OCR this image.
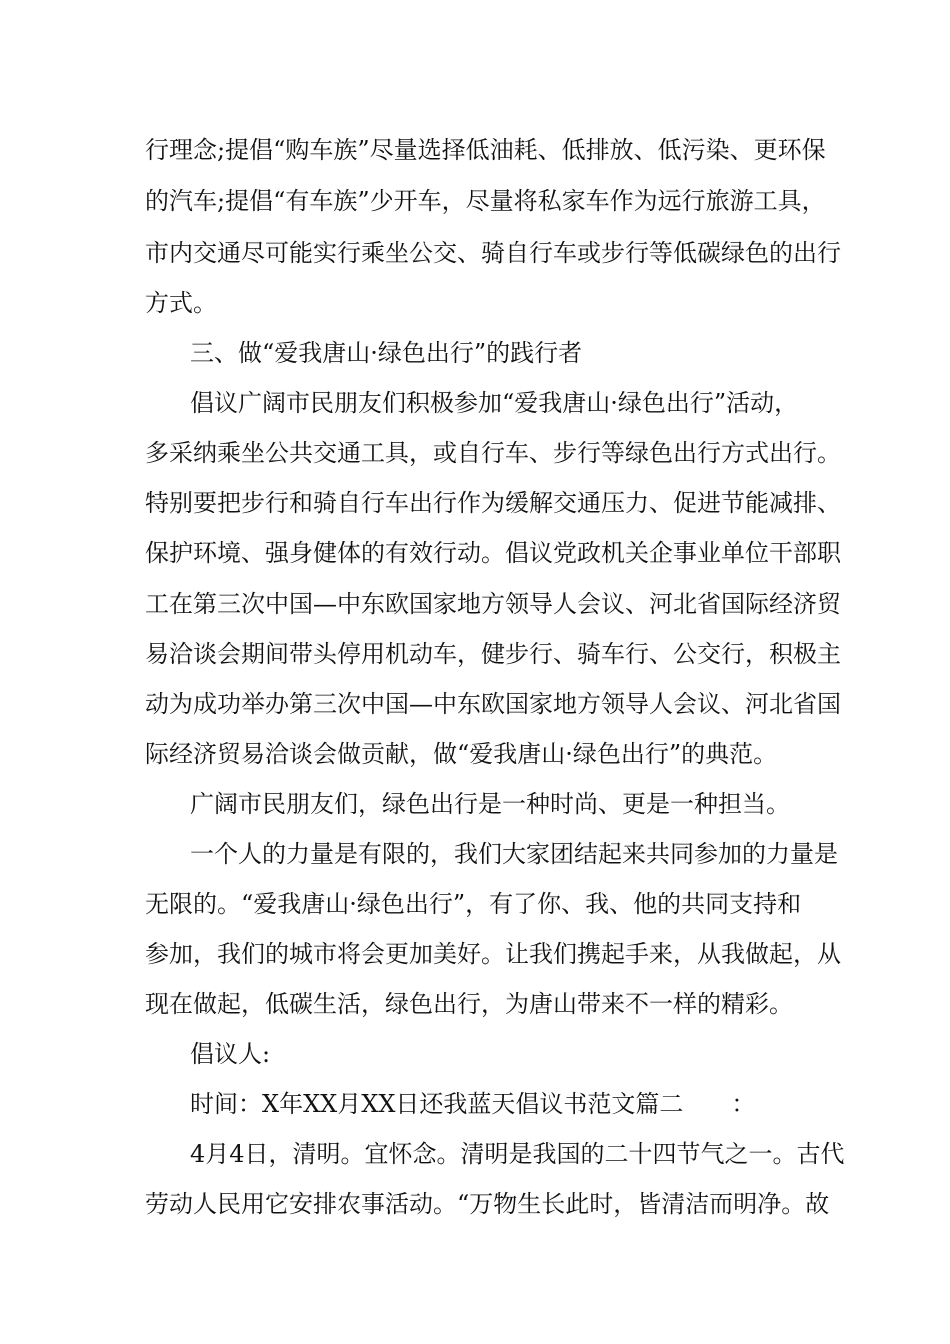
行理念;提倡“购车族”尽量选择低油耗、低排放、低污染、更环保
的汽车;提倡“有车族”少开车，尽量将私家车作为远行旅游工具，
市内交通尽可能实行乘坐公交、骑自行车或步行等低碳绿色的出行
方式。
三、做“爱我唐山·绿色出行”的践行者
倡议广阔市民朋友们积极参加“爱我唐山·绿色出行”活动，
多采纳乘坐公共交通工具，或自行车、步行等绿色出行方式出行。
特别要把步行和骑自行车出行作为缓解交通压力、促进节能减排、
保护环境、强身健体的有效行动。倡议党政机关企事业单位干部职
工在第三次中国—中东欧国家地方领导人会议、河北省国际经济贸
易洽谈会期间带头停用机动车，健步行、骑车行、公交行，积极主
动为成功举办第三次中国—中东欧国家地方领导人会议、河北省国
际经济贸易洽谈会做贡献，做“爱我唐山·绿色出行”的典范。
广阔市民朋友们，绿色出行是一种时尚、更是一种担当。
一个人的力量是有限的，我们大家团结起来共同参加的力量是
无限的。“爱我唐山·绿色出行”，有了你、我、他的共同支持和
参加，我们的城市将会更加美好。让我们携起手来，从我做起，从
现在做起，低碳生活，绿色出行，为唐山带来不一样的精彩。
倡议人:
时间：X年XX月XX日还我蓝天倡议书范文篇二　　：
4月4日，清明。宜怀念。清明是我国的二十四节气之一。古代
劳动人民用它安排农事活动。“万物生长此时，皆清洁而明净。故
